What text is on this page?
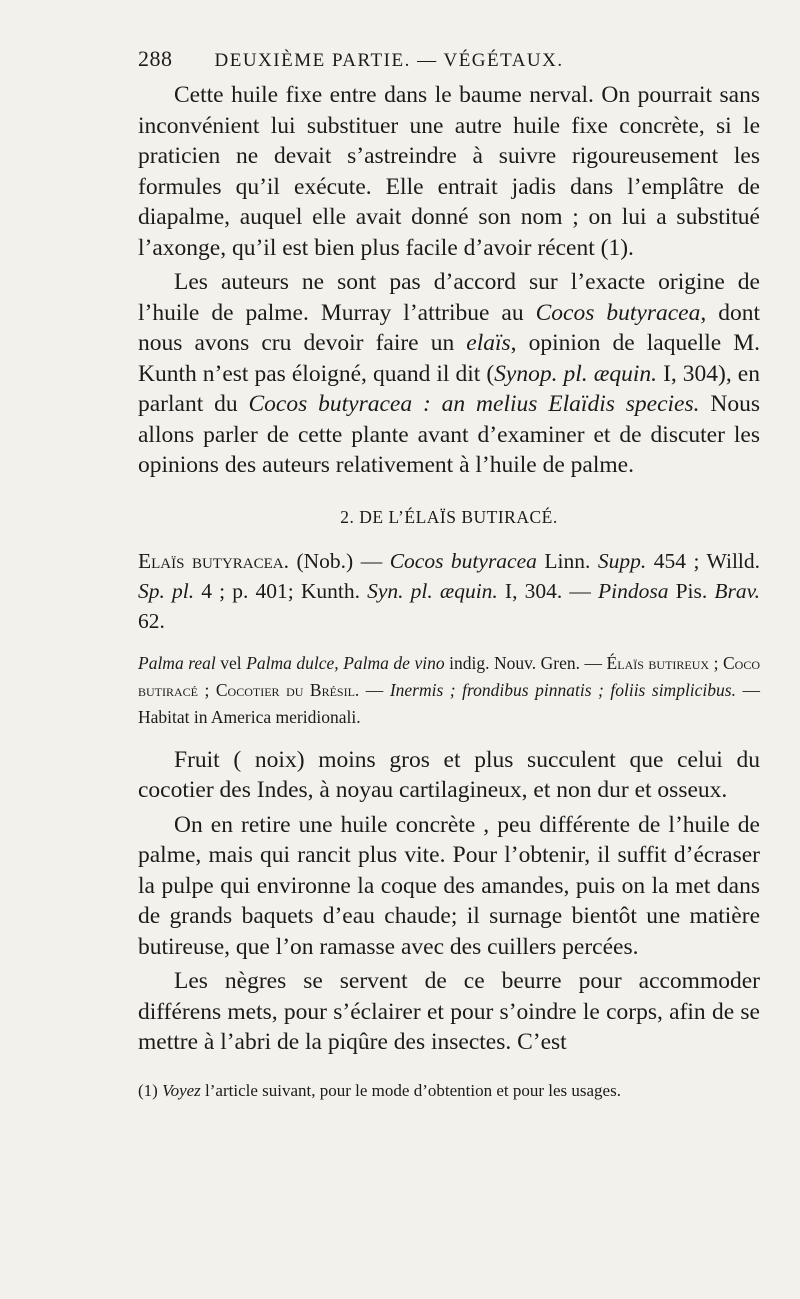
288 DEUXIÈME PARTIE. — VÉGÉTAUX.

Cette huile fixe entre dans le baume nerval. On pourrait sans inconvénient lui substituer une autre huile fixe concrète, si le praticien ne devait s’astreindre à suivre rigoureusement les formules qu’il exécute. Elle entrait jadis dans l’emplâtre de diapalme, auquel elle avait donné son nom ; on lui a substitué l’axonge, qu’il est bien plus facile d’avoir récent (1).

Les auteurs ne sont pas d’accord sur l’exacte origine de l’huile de palme. Murray l’attribue au Cocos butyracea, dont nous avons cru devoir faire un elaïs, opinion de laquelle M. Kunth n’est pas éloigné, quand il dit (Synop. pl. æquin. I, 304), en parlant du Cocos butyracea : an melius Elaïdis species. Nous allons parler de cette plante avant d’examiner et de discuter les opinions des auteurs relativement à l’huile de palme.

2. DE L’ÉLAÏS BUTIRACÉ.

Elaïs butyracea. (Nob.) — Cocos butyracea Linn. Supp. 454 ; Willd. Sp. pl. 4 ; p. 401; Kunth. Syn. pl. æquin. I, 304. — Pindosa Pis. Brav. 62.

Palma real vel Palma dulce, Palma de vino indig. Nouv. Gren. — Élaïs butireux ; Coco butiracé ; Cocotier du Brésil. — Inermis ; frondibus pinnatis ; foliis simplicibus. — Habitat in America meridionali.

Fruit ( noix) moins gros et plus succulent que celui du cocotier des Indes, à noyau cartilagineux, et non dur et osseux.

On en retire une huile concrète , peu différente de l’huile de palme, mais qui rancit plus vite. Pour l’obtenir, il suffit d’écraser la pulpe qui environne la coque des amandes, puis on la met dans de grands baquets d’eau chaude; il surnage bientôt une matière butireuse, que l’on ramasse avec des cuillers percées.

Les nègres se servent de ce beurre pour accommoder différens mets, pour s’éclairer et pour s’oindre le corps, afin de se mettre à l’abri de la piqûre des insectes. C’est

(1) Voyez l’article suivant, pour le mode d’obtention et pour les usages.
